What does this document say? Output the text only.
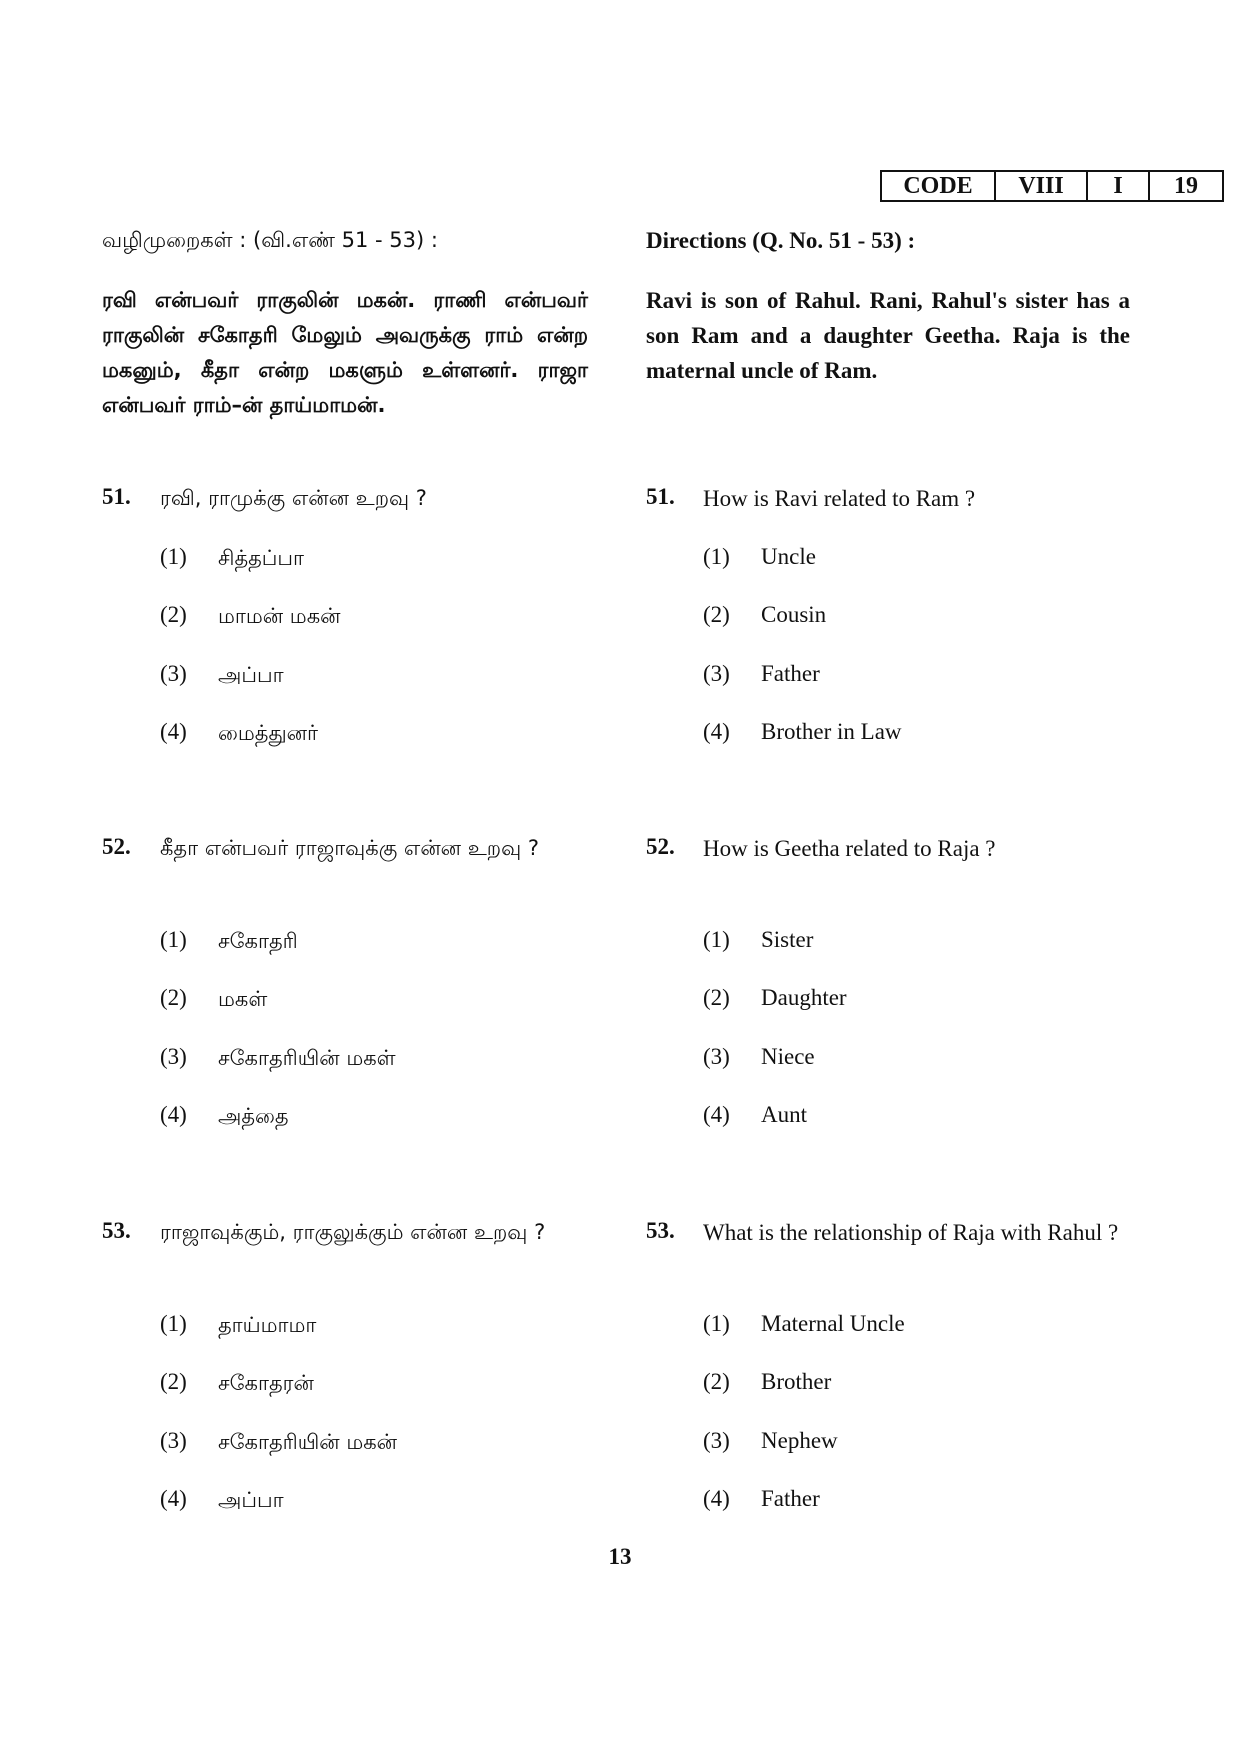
CODE	VIII	I	19
வழிமுறைகள் : (வி.எண் 51 - 53) :	Directions (Q. No. 51 - 53) :
ரவி என்பவர் ராகுலின் மகன். ராணி என்பவர் ராகுலின் சகோதரி மேலும் அவருக்கு ராம் என்ற மகனும், கீதா என்ற மகளும் உள்ளனர். ராஜா என்பவர் ராம்–ன் தாய்மாமன்.
Ravi is son of Rahul. Rani, Rahul's sister has a son Ram and a daughter Geetha. Raja is the maternal uncle of Ram.
51. ரவி, ராமுக்கு என்ன உறவு ?
(1) சித்தப்பா
(2) மாமன் மகன்
(3) அப்பா
(4) மைத்துனர்
51. How is Ravi related to Ram ?
(1) Uncle
(2) Cousin
(3) Father
(4) Brother in Law
52. கீதா என்பவர் ராஜாவுக்கு என்ன உறவு ?
(1) சகோதரி
(2) மகள்
(3) சகோதரியின் மகள்
(4) அத்தை
52. How is Geetha related to Raja ?
(1) Sister
(2) Daughter
(3) Niece
(4) Aunt
53. ராஜாவுக்கும், ராகுலுக்கும் என்ன உறவு ?
(1) தாய்மாமா
(2) சகோதரன்
(3) சகோதரியின் மகன்
(4) அப்பா
53. What is the relationship of Raja with Rahul ?
(1) Maternal Uncle
(2) Brother
(3) Nephew
(4) Father
13
